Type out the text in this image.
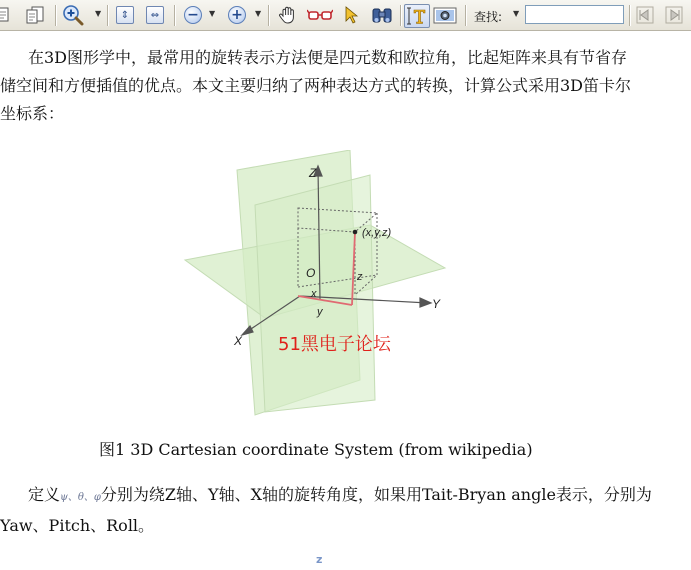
▼	⇕	⇔	−	▼ +	▼	查找: ▼

在3D图形学中，最常用的旋转表示方法便是四元数和欧拉角，比起矩阵来具有节省存储空间和方便插值的优点。本文主要归纳了两种表达方式的转换，计算公式采用3D笛卡尔坐标系：

Z
Y
X
O
(x,y,z)
x
y
z
51黑电子论坛
图1 3D Cartesian coordinate System (from wikipedia)

定义ψ、θ、φ分别为绕Z轴、Y轴、X轴的旋转角度，如果用Tait-Bryan angle表示，分别为Yaw、Pitch、Roll。

z
